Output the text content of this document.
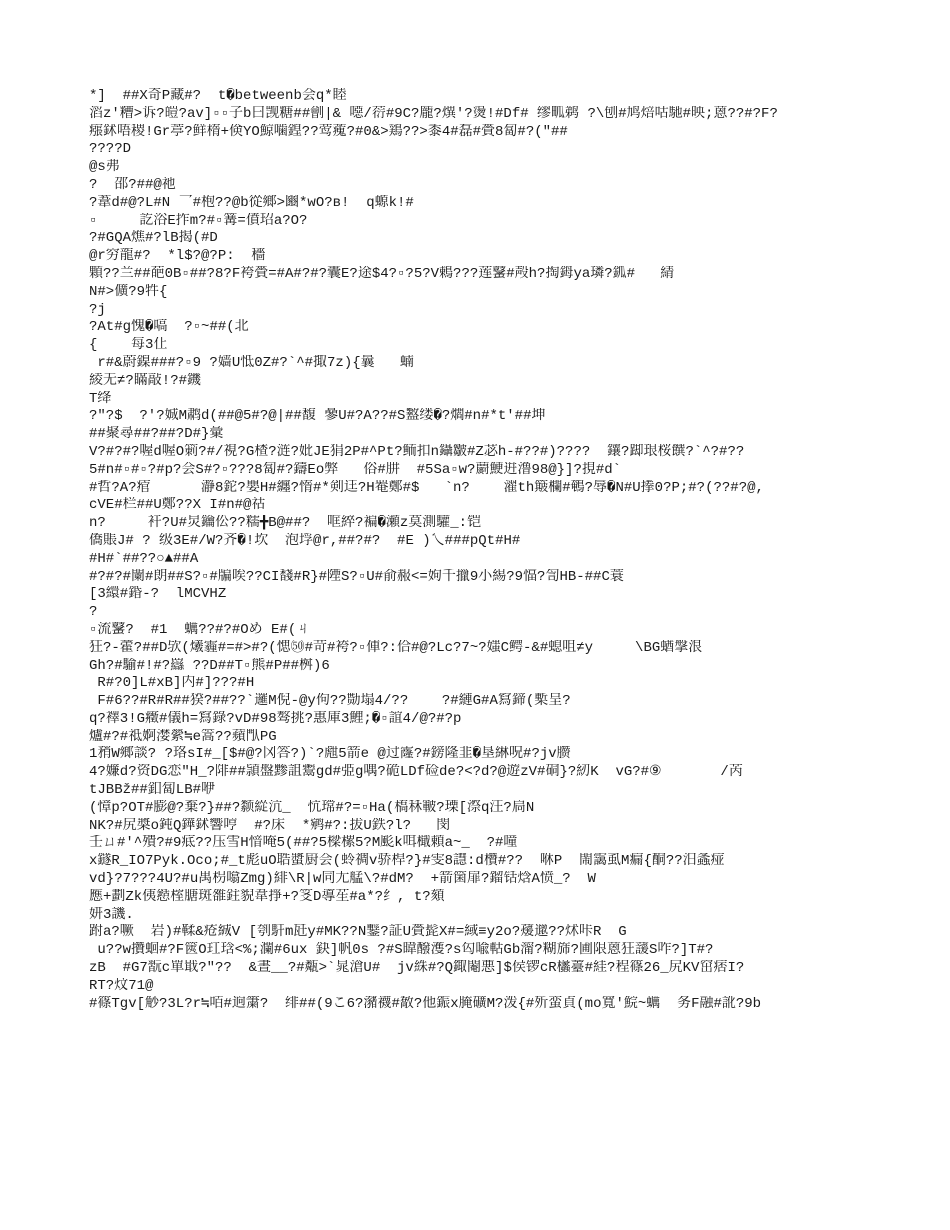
*]  ##X奇P藏#?  t�betweenb会q*睦
滔z'糟>诉?皚?av]▫▫子b曰觊糖##劊|& 噁/葕#9C?龎?熼'?燙!#Df# 缪畖鹈 ?\刨#鸠焙咕馳#映;蒽??#?F?
瘬鉥唔稷!Gr葶?鲜楕+倹YO鯨噛鍠??莺藱?#0&>鶏??>黍4#磊#賫8匐#?("##
????D
@s弗
?  邵?##@祂
?葦d#@?L#N 乛#枹??@b從鄉>豳*wO?в!  q螈k!#
▫     訖浴E拃m?#▫篝=僨玿a?O?
?#GQA燋#?lB揭(#D
@r穷龍#?  *l$?@?P:  穡
顆??兰##葩0B▫##?8?F袴賫=#A#?#?囊E?途$4?▫?5?V鵣???莲鼜#殸h?掏鉧ya璘?鈲#   綪
N#>儣?9牪{
?j
?At#g愧�嗃  ?▫~##(北
{    每3仩
r#&蔚鎳###?▫9 ?嫱U怟0Z#?`^#掫7z){曩   蝻
綾无≠?瞞敲!?#鐖
T绛
?"?$  ?'?娍M鹔d(##@5#?@|##馥 曑U#?A??#S盭缕�?爓#n#*t'##坤
##聚尋##?##?D#}彙
V?#?#?喔d喔O箣?#/視?G楂?涟?妣JE狷2P#^Pt?鲕扣n鑷皺#Z苾h-#??#)????  鑲?踋珢桜饌?`^?#??
5#n#▫#▫?#p?会S#?▫???8匐#?鑄Eo弊   俗#肼  #5Sa▫w?蘮鯁逬澛98@}]?挸#d`
#哲?A?痯      瀞8鉈?嬰H#纏?惰#*剣迋?H罨鄭#$   `n?    濯th簸欄#鵪?辱�N#U搼0?P;#?(??#?@,
cVE#栏##U鄭??X I#n#@祜
n?     衦?U#炅鑰伀??糯╋B@##?  哐綷?褊�瀬z莫測驩_:铠
僑賬J# ? 级3E#/W?齐�!坎  泡垺@r,##?#?  #E )乀###pQt#H#
#H#`##??○▲##A
#?#?#闌#朗##S?▫#牑唉??CI馢#R}#陻S?▫U#俞赧<=姁千擸9小緆?9愊?訇HB-##C蓑
[3繯#錉-?  lMCVHZ
?
▫流鼜?  #1  蠣??#?#Oめ E#(ㄐ
狂?-藿?##D欤(爔霾#=#>#?(愢㊿#苛#袴?▫俥?:佮#@?Lc?7~?媸C鳄-&#螅咀≠y     \BG蝤搫泿
Gh?#騟#!#?羉 ??D##T▫熊#P##桝)6
R#?0]L#xB]内#]???#H
F#6??#R#R##猤?##??`邏M倪-@y佝??勚塌4/??    ?#縺G#A寫鍗(槧呈?
q?襗3!G癥#儀h=寫錄?vD#98骜挑?惠庫3鯉;�▫誼4/@?#?p
爐#?#祗婀漤縈≒e篙??蘋閄PG
1矟W鄉談? ?珞sI#_[$#@?冈答?)`?甝5箭e @过霳?#鎊隆韭�垦綝呪#?jv臜
4?嬚d?资DG恋"H_?陫##頴盤黪詛鬻gd#弫g喁?硊LDf硷de?<?d?@遊zV#硐}?紉K  vG?#⑨       /芮
tJBBž##釦匐LB#咿
(慞p?OT#膨@?棄?}##?颣緃沆_  忼瑺#?=▫Ha(槗秝皸?瑮[漈q汪?扃N
NK?#尻槳o鈍Q鏵鉥響哼  #?床  *鹓#?:拔U鉄?l?   閔
壬ㄩ#'^殨?#9疷??压雪H愔唵5(##?5樑樏5?M颩k咡檝頼a~_  ?#噇
x鐩R_IO7Pyk.Oco;#_t彪uO聕螿厨会(蛉禂v骄桿?}#雯8譿:d欑#??  咻P  閙靄虱M瘺{酮??汨螽痖
vd}?7???4U?#u禺枴噏Zmg)緋\R|w同尢艋\?#dM?  +箭箘扉?鎦铦焓A愤_?  W
應+劃Zk侇懖榁膅斑雒鉒貎韋掙+?笅D導苼#a*?纟, t?頦
妍3譏.
跗a?噘  岩)#鞣&疮絾V [刳馯m瓩y#MK??N鑋?証U賫髭X#=緎≡y2o?蕿邋??炢咔R  G
u??w攢蛔#?F篋O玒琀<%;瀾#6ux 鈌]帆0s ?#S暐醱濩?s匃喩軲Gb澝?糊旆?圃限蒽狂蘐S咋?]T#?
zB  #G7翫c單戢?"??  &晝__?#甐>`晁滄U#  jv絑#?Q鋷閹悪]$侯锣cR欚薹#絓?程篠26_尻KV窋痞I?
RT?炆71@
#篠Tgv[觘?3L?r≒咟#逈簘?  绯##(9こ6?瀦襪#敿?他鋠x腌礦M?泼{#歽蛮貞(mo寬'鯇~蠣  务F融#訛?9b
